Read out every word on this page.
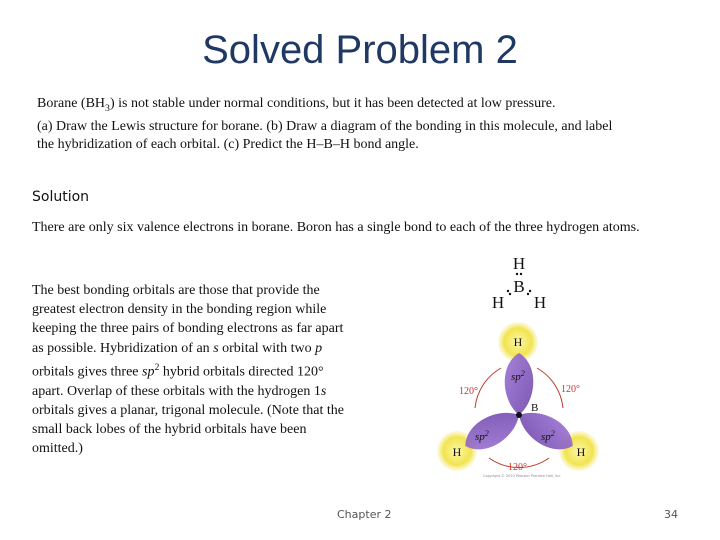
Solved Problem 2
Borane $(BH_3)$ is not stable under normal conditions, but it has been detected at low pressure.
(a) Draw the Lewis structure for borane. (b) Draw a diagram of the bonding in this molecule, and label
the hybridization of each orbital. (c) Predict the H–B–H bond angle.
Solution
There are only six valence electrons in borane. Boron has a single bond to each of the three hydrogen atoms.
The best bonding orbitals are those that provide the greatest electron density in the bonding region while keeping the three pairs of bonding electrons as far apart as possible. Hybridization of an s orbital with two p orbitals gives three $sp^2$ hybrid orbitals directed 120° apart. Overlap of these orbitals with the hydrogen 1s orbitals gives a planar, trigonal molecule. (Note that the small back lobes of the hybrid orbitals have been omitted.)
H
B
H H
H
H	H
B
$sp^2$
$sp^2$	$sp^2$
120°	120°
120°
Copyright © 2010 Pearson Prentice Hall, Inc.
Chapter 2	34
